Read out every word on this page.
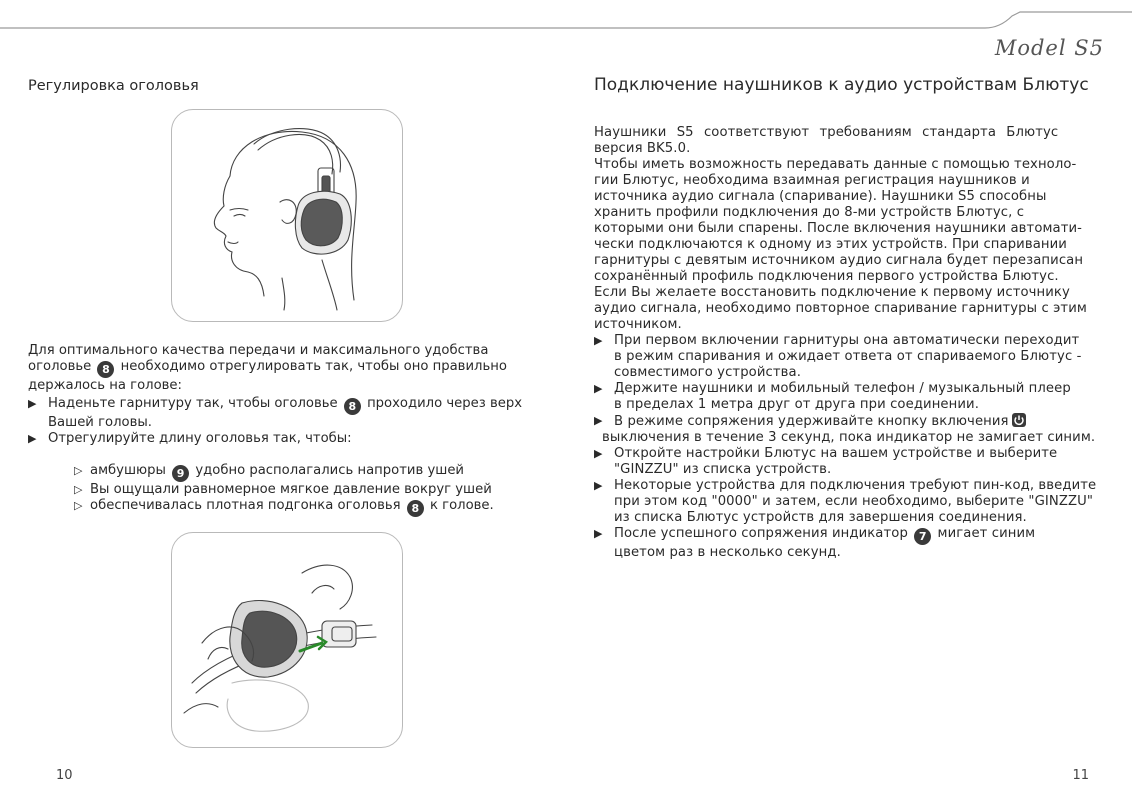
Model S5
Регулировка оголовья
Для оптимального качества передачи и максимального удобства
оголовье 8 необходимо отрегулировать так, чтобы оно правильно
держалось на голове:
▶ Наденьте гарнитуру так, чтобы оголовье 8 проходило через верх
Вашей головы.
▶ Отрегулируйте длину оголовья так, чтобы:
▷ амбушюры 9 удобно располагались напротив ушей
▷ Вы ощущали равномерное мягкое давление вокруг ушей
▷ обеспечивалась плотная подгонка оголовья 8 к голове.
10
Подключение наушников к аудио устройствам Блютус
Наушники S5 соответствуют требованиям стандарта Блютус
версия BK5.0.
Чтобы иметь возможность передавать данные с помощью техноло-
гии Блютус, необходима взаимная регистрация наушников и
источника аудио сигнала (спаривание). Наушники S5 способны
хранить профили подключения до 8-ми устройств Блютус, с
которыми они были спарены. После включения наушники автомати-
чески подключаются к одному из этих устройств. При спаривании
гарнитуры с девятым источником аудио сигнала будет перезаписан
сохранённый профиль подключения первого устройства Блютус.
Если Вы желаете восстановить подключение к первому источнику
аудио сигнала, необходимо повторное спаривание гарнитуры с этим
источником.
▶ При первом включении гарнитуры она автоматически переходит
в режим спаривания и ожидает ответа от спариваемого Блютус -
совместимого устройства.
▶ Держите наушники и мобильный телефон / музыкальный плеер
в пределах 1 метра друг от друга при соединении.
▶ В режиме сопряжения удерживайте кнопку включения
выключения в течение 3 секунд, пока индикатор не замигает синим.
▶ Откройте настройки Блютус на вашем устройстве и выберите
"GINZZU" из списка устройств.
▶ Некоторые устройства для подключения требуют пин-код, введите
при этом код "0000" и затем, если необходимо, выберите "GINZZU"
из списка Блютус устройств для завершения соединения.
▶ После успешного сопряжения индикатор 7 мигает синим
цветом раз в несколько секунд.
11
